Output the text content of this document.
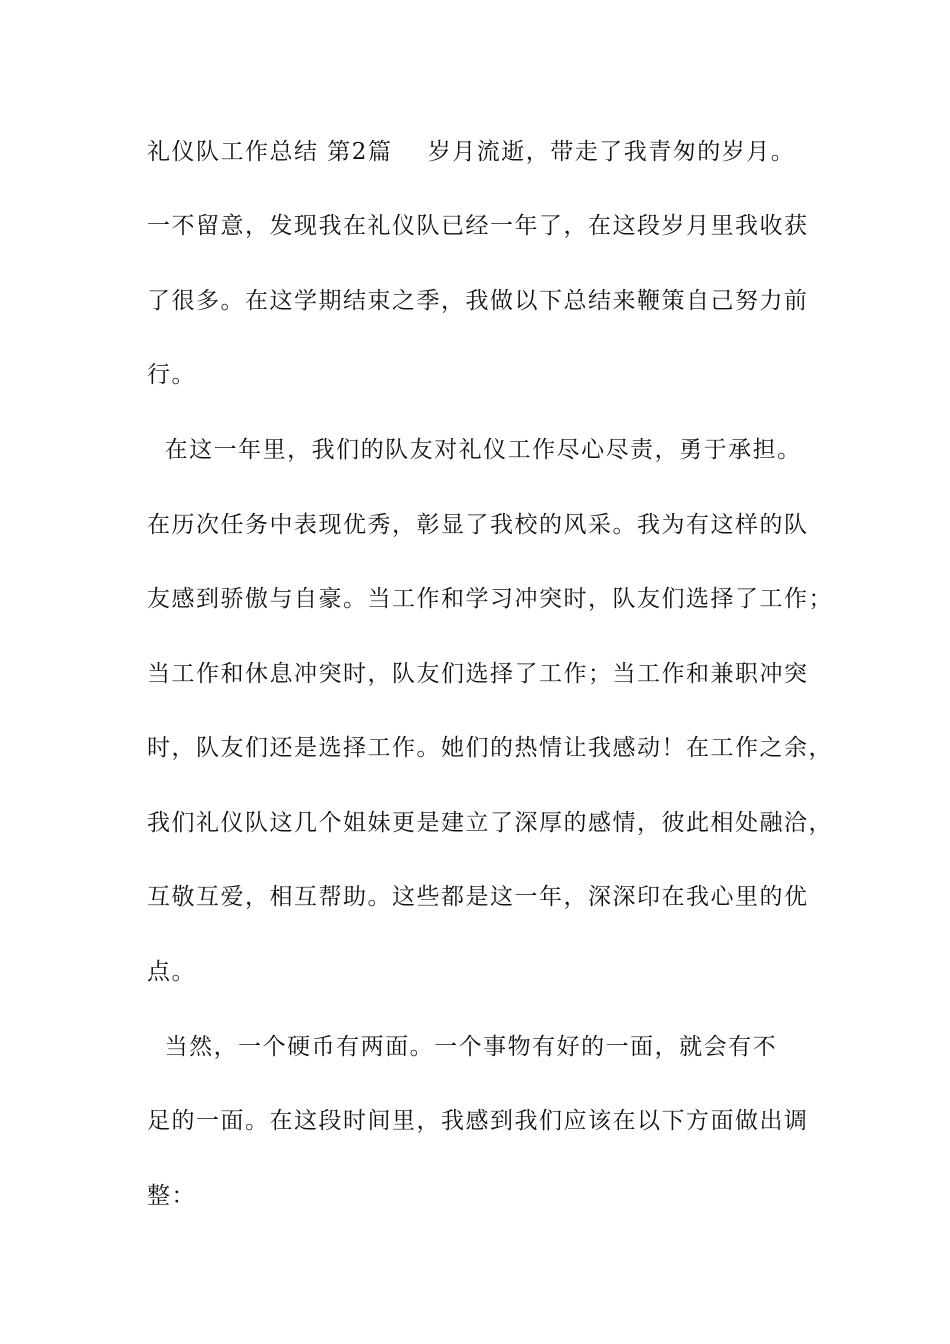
礼仪队工作总结 第2篇    岁月流逝，带走了我青匆的岁月。
一不留意，发现我在礼仪队已经一年了，在这段岁月里我收获
了很多。在这学期结束之季，我做以下总结来鞭策自己努力前
行。
在这一年里，我们的队友对礼仪工作尽心尽责，勇于承担。
在历次任务中表现优秀，彰显了我校的风采。我为有这样的队
友感到骄傲与自豪。当工作和学习冲突时，队友们选择了工作；
当工作和休息冲突时，队友们选择了工作；当工作和兼职冲突
时，队友们还是选择工作。她们的热情让我感动！在工作之余，
我们礼仪队这几个姐妹更是建立了深厚的感情，彼此相处融洽，
互敬互爱，相互帮助。这些都是这一年，深深印在我心里的优
点。
当然，一个硬币有两面。一个事物有好的一面，就会有不
足的一面。在这段时间里，我感到我们应该在以下方面做出调
整：
